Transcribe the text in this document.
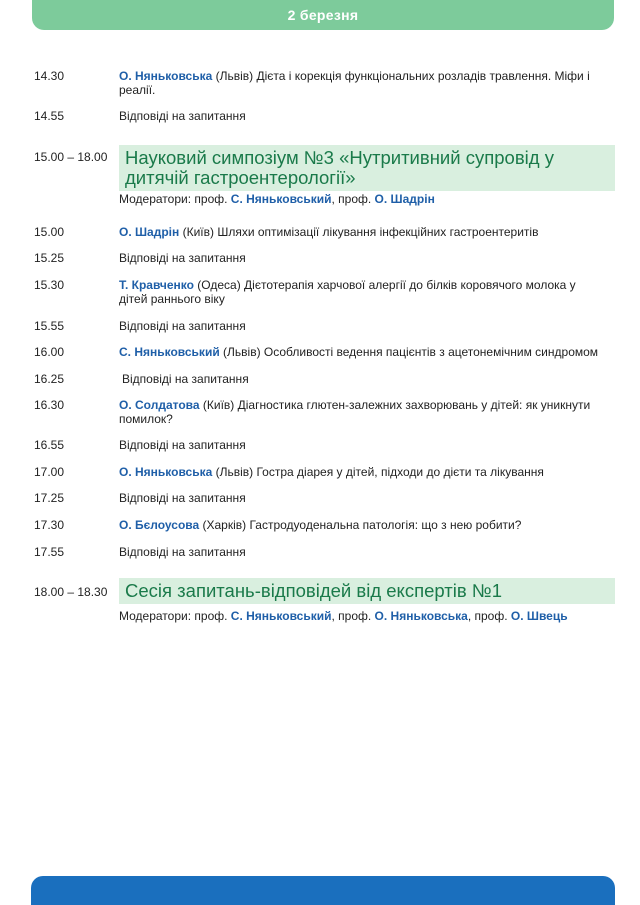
2 березня
14.30	О. Няньковська (Львів) Дієта і корекція функціональних розладів травлення. Міфи і реалії.
14.55	Відповіді на запитання
15.00 – 18.00 Науковий симпозіум №3 «Нутритивний супровід у дитячій гастроентерології»
Модератори: проф. С. Няньковський, проф. О. Шадрін
15.00	О. Шадрін (Київ) Шляхи оптимізації лікування інфекційних гастроентеритів
15.25	Відповіді на запитання
15.30	Т. Кравченко (Одеса) Дієтотерапія харчової алергії до білків коровячого молока у дітей раннього віку
15.55	Відповіді на запитання
16.00	С. Няньковський (Львів) Особливості ведення пацієнтів з ацетонемічним синдромом
16.25	Відповіді на запитання
16.30	О. Солдатова (Київ) Діагностика глютен-залежних захворювань у дітей: як уникнути помилок?
16.55	Відповіді на запитання
17.00	О. Няньковська (Львів) Гостра діарея у дітей, підходи до дієти та лікування
17.25	Відповіді на запитання
17.30	О. Бєлоусова (Харків) Гастродуоденальна патологія: що з нею робити?
17.55	Відповіді на запитання
18.00 – 18.30 Сесія запитань-відповідей від експертів №1
Модератори: проф. С. Няньковський, проф. О. Няньковська, проф. О. Швець
